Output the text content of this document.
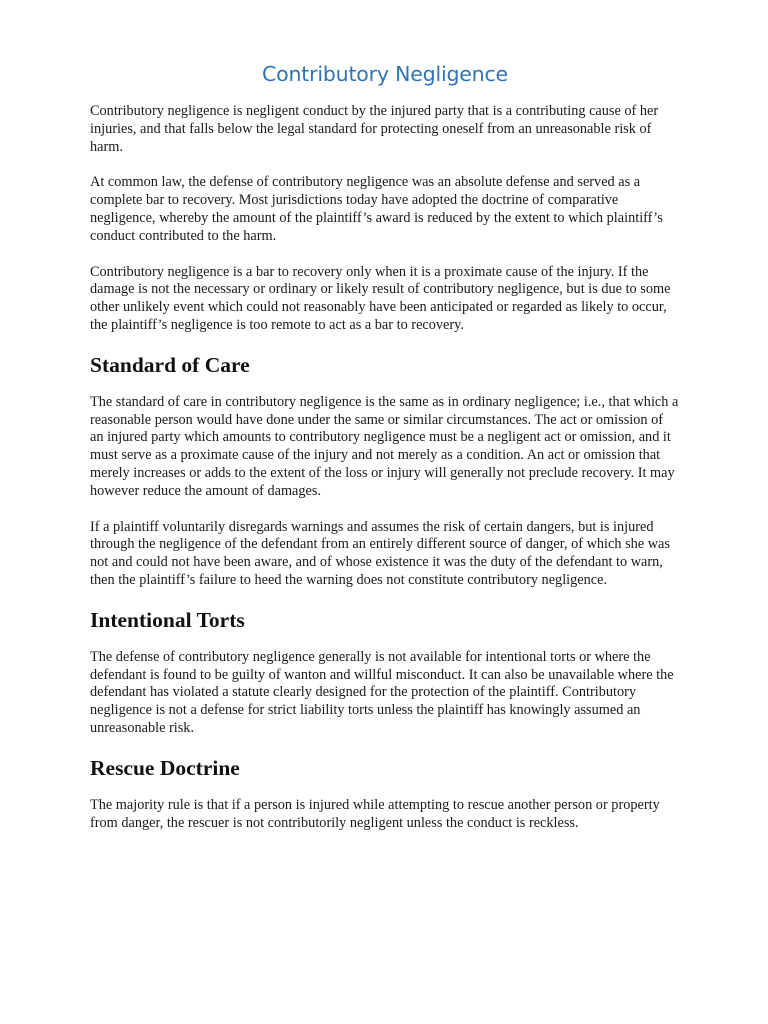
Contributory Negligence

Contributory negligence is negligent conduct by the injured party that is a contributing cause of her injuries, and that falls below the legal standard for protecting oneself from an unreasonable risk of harm.

At common law, the defense of contributory negligence was an absolute defense and served as a complete bar to recovery. Most jurisdictions today have adopted the doctrine of comparative negligence, whereby the amount of the plaintiff’s award is reduced by the extent to which plaintiff’s conduct contributed to the harm.

Contributory negligence is a bar to recovery only when it is a proximate cause of the injury. If the damage is not the necessary or ordinary or likely result of contributory negligence, but is due to some other unlikely event which could not reasonably have been anticipated or regarded as likely to occur, the plaintiff’s negligence is too remote to act as a bar to recovery.

Standard of Care

The standard of care in contributory negligence is the same as in ordinary negligence; i.e., that which a reasonable person would have done under the same or similar circumstances. The act or omission of an injured party which amounts to contributory negligence must be a negligent act or omission, and it must serve as a proximate cause of the injury and not merely as a condition. An act or omission that merely increases or adds to the extent of the loss or injury will generally not preclude recovery. It may however reduce the amount of damages.

If a plaintiff voluntarily disregards warnings and assumes the risk of certain dangers, but is injured through the negligence of the defendant from an entirely different source of danger, of which she was not and could not have been aware, and of whose existence it was the duty of the defendant to warn, then the plaintiff’s failure to heed the warning does not constitute contributory negligence.

Intentional Torts

The defense of contributory negligence generally is not available for intentional torts or where the defendant is found to be guilty of wanton and willful misconduct. It can also be unavailable where the defendant has violated a statute clearly designed for the protection of the plaintiff. Contributory negligence is not a defense for strict liability torts unless the plaintiff has knowingly assumed an unreasonable risk.

Rescue Doctrine

The majority rule is that if a person is injured while attempting to rescue another person or property from danger, the rescuer is not contributorily negligent unless the conduct is reckless.
